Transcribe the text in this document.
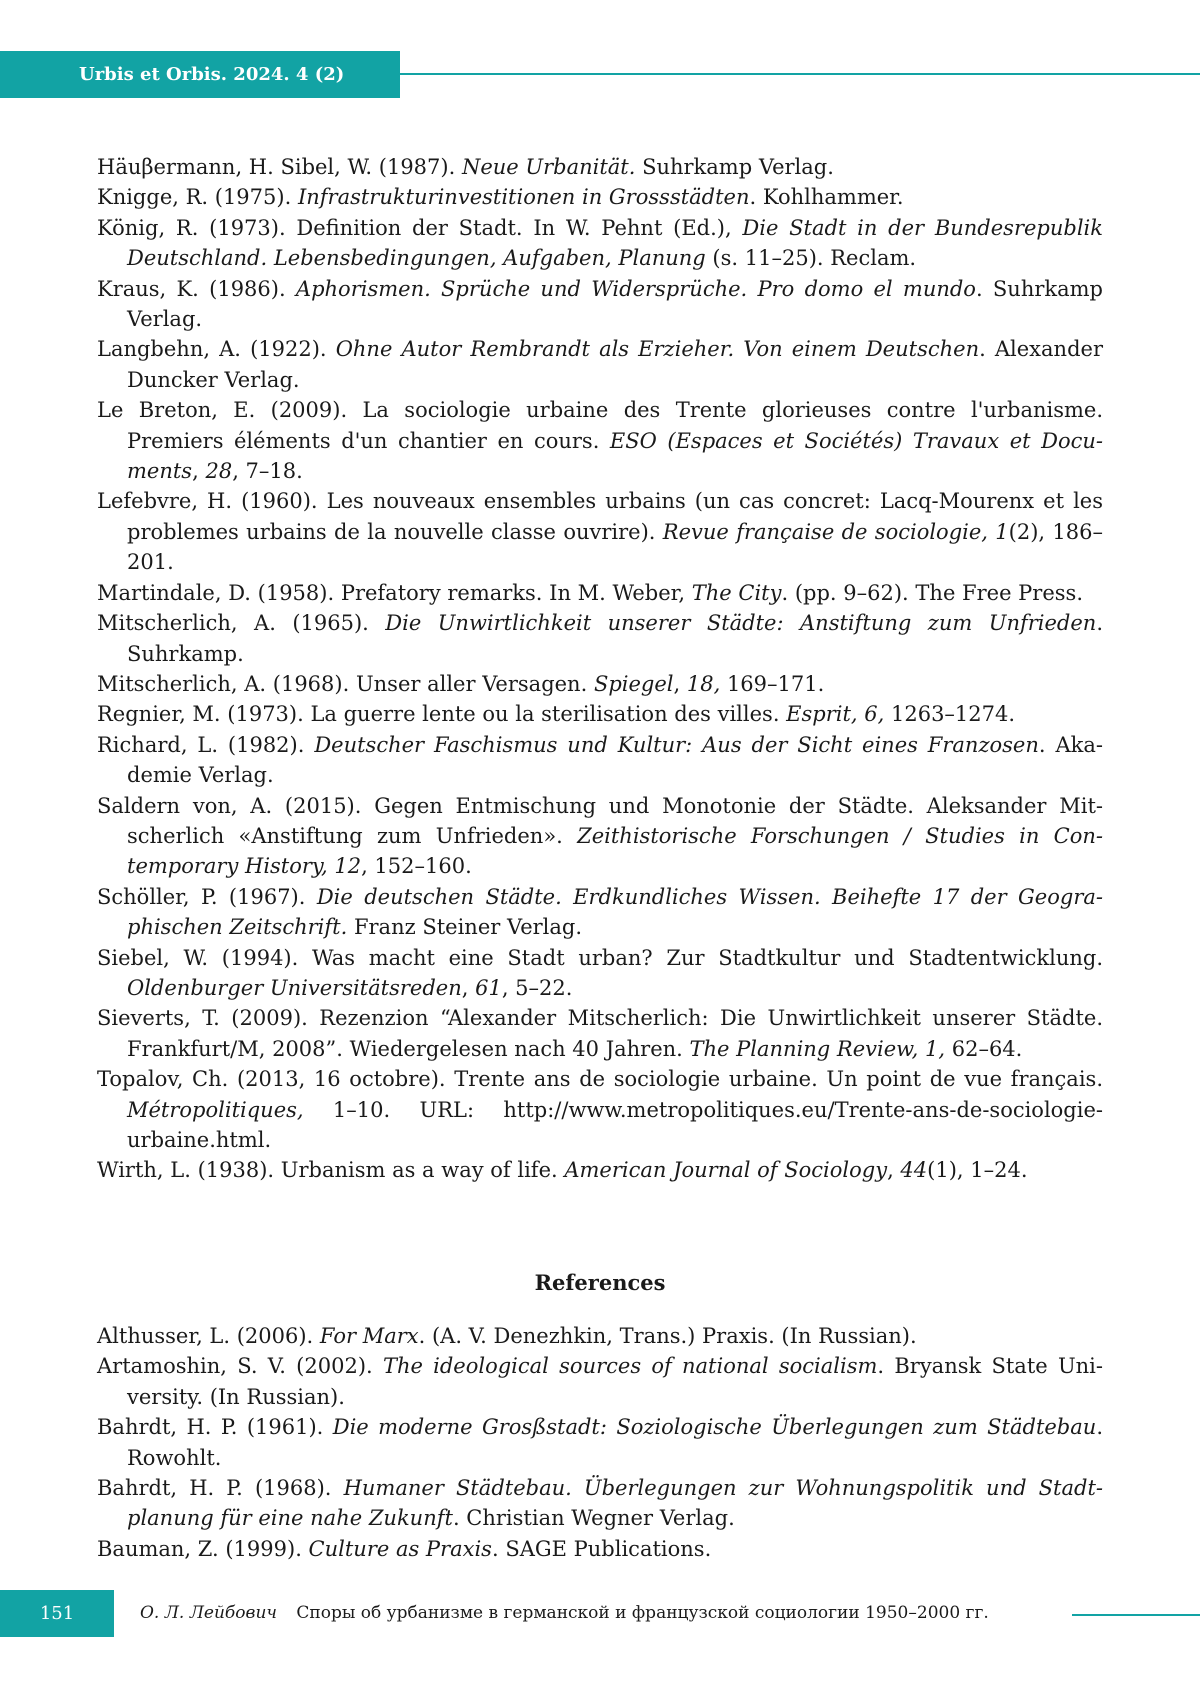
Urbis et Orbis. 2024. 4 (2)

Häuβermann, H. Sibel, W. (1987). Neue Urbanität. Suhrkamp Verlag.

Knigge, R. (1975). Infrastrukturinvestitionen in Grossstädten. Kohlhammer.

König, R. (1973). Definition der Stadt. In W. Pehnt (Ed.), Die Stadt in der Bundesrepublik Deutschland. Lebensbedingungen, Aufgaben, Planung (s. 11–25). Reclam.

Kraus, K. (1986). Aphorismen. Sprüche und Widersprüche. Pro domo el mundo. Suhrkamp Verlag.

Langbehn, A. (1922). Ohne Autor Rembrandt als Erzieher. Von einem Deutschen. Alexander Duncker Verlag.

Le Breton, E. (2009). La sociologie urbaine des Trente glorieuses contre l'urbanisme. Premiers éléments d'un chantier en cours. ESO (Espaces et Sociétés) Travaux et Documents, 28, 7–18.

Lefebvre, H. (1960). Les nouveaux ensembles urbains (un cas concret: Lacq-Mourenx et les problemes urbains de la nouvelle classe ouvrire). Revue française de sociologie, 1(2), 186–201.

Martindale, D. (1958). Prefatory remarks. In M. Weber, The City. (pp. 9–62). The Free Press.

Mitscherlich, A. (1965). Die Unwirtlichkeit unserer Städte: Anstiftung zum Unfrieden. Suhrkamp.

Mitscherlich, A. (1968). Unser aller Versagen. Spiegel, 18, 169–171.

Regnier, M. (1973). La guerre lente ou la sterilisation des villes. Esprit, 6, 1263–1274.

Richard, L. (1982). Deutscher Faschismus und Kultur: Aus der Sicht eines Franzosen. Akademie Verlag.

Saldern von, A. (2015). Gegen Entmischung und Monotonie der Städte. Aleksander Mitscherlich «Anstiftung zum Unfrieden». Zeithistorische Forschungen / Studies in Contemporary History, 12, 152–160.

Schöller, P. (1967). Die deutschen Städte. Erdkundliches Wissen. Beihefte 17 der Geographischen Zeitschrift. Franz Steiner Verlag.

Siebel, W. (1994). Was macht eine Stadt urban? Zur Stadtkultur und Stadtentwicklung. Oldenburger Universitätsreden, 61, 5–22.

Sieverts, T. (2009). Rezenzion “Alexander Mitscherlich: Die Unwirtlichkeit unserer Städte. Frankfurt/M, 2008”. Wiedergelesen nach 40 Jahren. The Planning Review, 1, 62–64.

Topalov, Ch. (2013, 16 octobre). Trente ans de sociologie urbaine. Un point de vue français. Métropolitiques, 1–10. URL: http://www.metropolitiques.eu/Trente-ans-de-sociologie-urbaine.html.

Wirth, L. (1938). Urbanism as a way of life. American Journal of Sociology, 44(1), 1–24.

References

Althusser, L. (2006). For Marx. (A. V. Denezhkin, Trans.) Praxis. (In Russian).

Artamoshin, S. V. (2002). The ideological sources of national socialism. Bryansk State University. (In Russian).

Bahrdt, H. P. (1961). Die moderne Grosßstadt: Soziologische Überlegungen zum Städtebau. Rowohlt.

Bahrdt, H. P. (1968). Humaner Städtebau. Überlegungen zur Wohnungspolitik und Stadtplanung für eine nahe Zukunft. Christian Wegner Verlag.

Bauman, Z. (1999). Culture as Praxis. SAGE Publications.

151	О. Л. Лейбович Споры об урбанизме в германской и французской социологии 1950–2000 гг.
